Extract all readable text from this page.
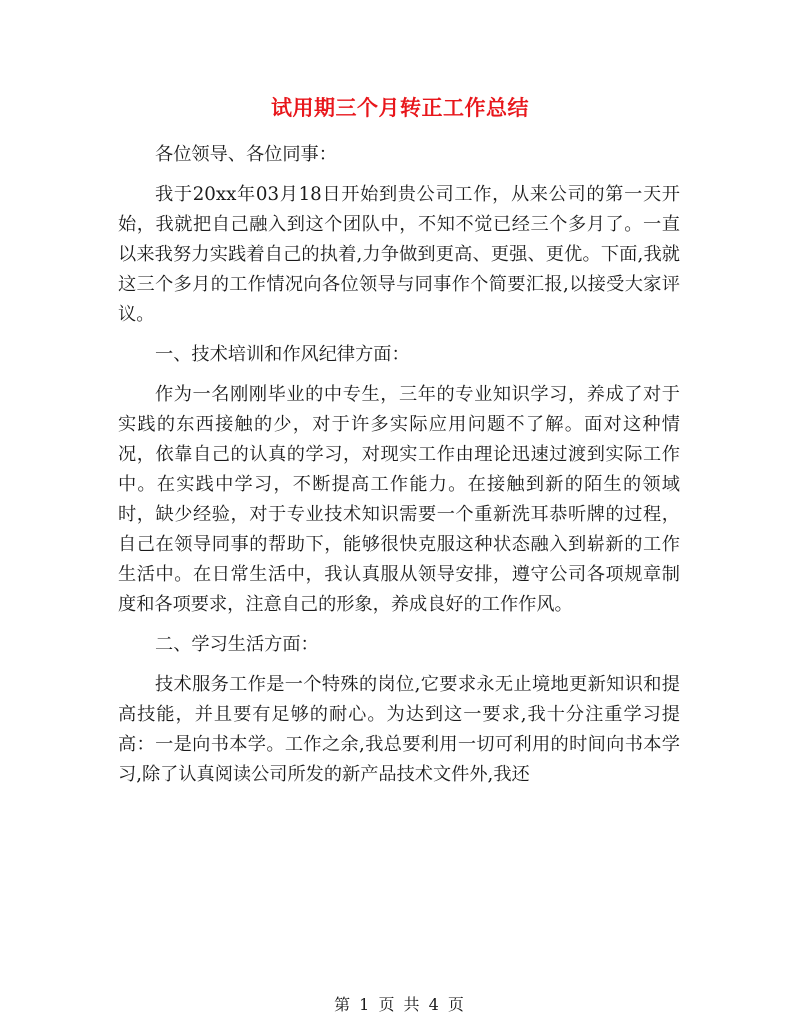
试用期三个月转正工作总结

各位领导、各位同事：

我于20xx年03月18日开始到贵公司工作，从来公司的第一天开始，我就把自己融入到这个团队中，不知不觉已经三个多月了。一直以来我努力实践着自己的执着,力争做到更高、更强、更优。下面,我就这三个多月的工作情况向各位领导与同事作个简要汇报,以接受大家评议。

一、技术培训和作风纪律方面：

作为一名刚刚毕业的中专生，三年的专业知识学习，养成了对于实践的东西接触的少，对于许多实际应用问题不了解。面对这种情况，依靠自己的认真的学习，对现实工作由理论迅速过渡到实际工作中。在实践中学习，不断提高工作能力。在接触到新的陌生的领域时，缺少经验，对于专业技术知识需要一个重新洗耳恭听牌的过程，自己在领导同事的帮助下，能够很快克服这种状态融入到崭新的工作生活中。在日常生活中，我认真服从领导安排，遵守公司各项规章制度和各项要求，注意自己的形象，养成良好的工作作风。

二、学习生活方面：

技术服务工作是一个特殊的岗位,它要求永无止境地更新知识和提高技能，并且要有足够的耐心。为达到这一要求,我十分注重学习提高：一是向书本学。工作之余,我总要利用一切可利用的时间向书本学习,除了认真阅读公司所发的新产品技术文件外,我还

第 1 页 共 4 页
